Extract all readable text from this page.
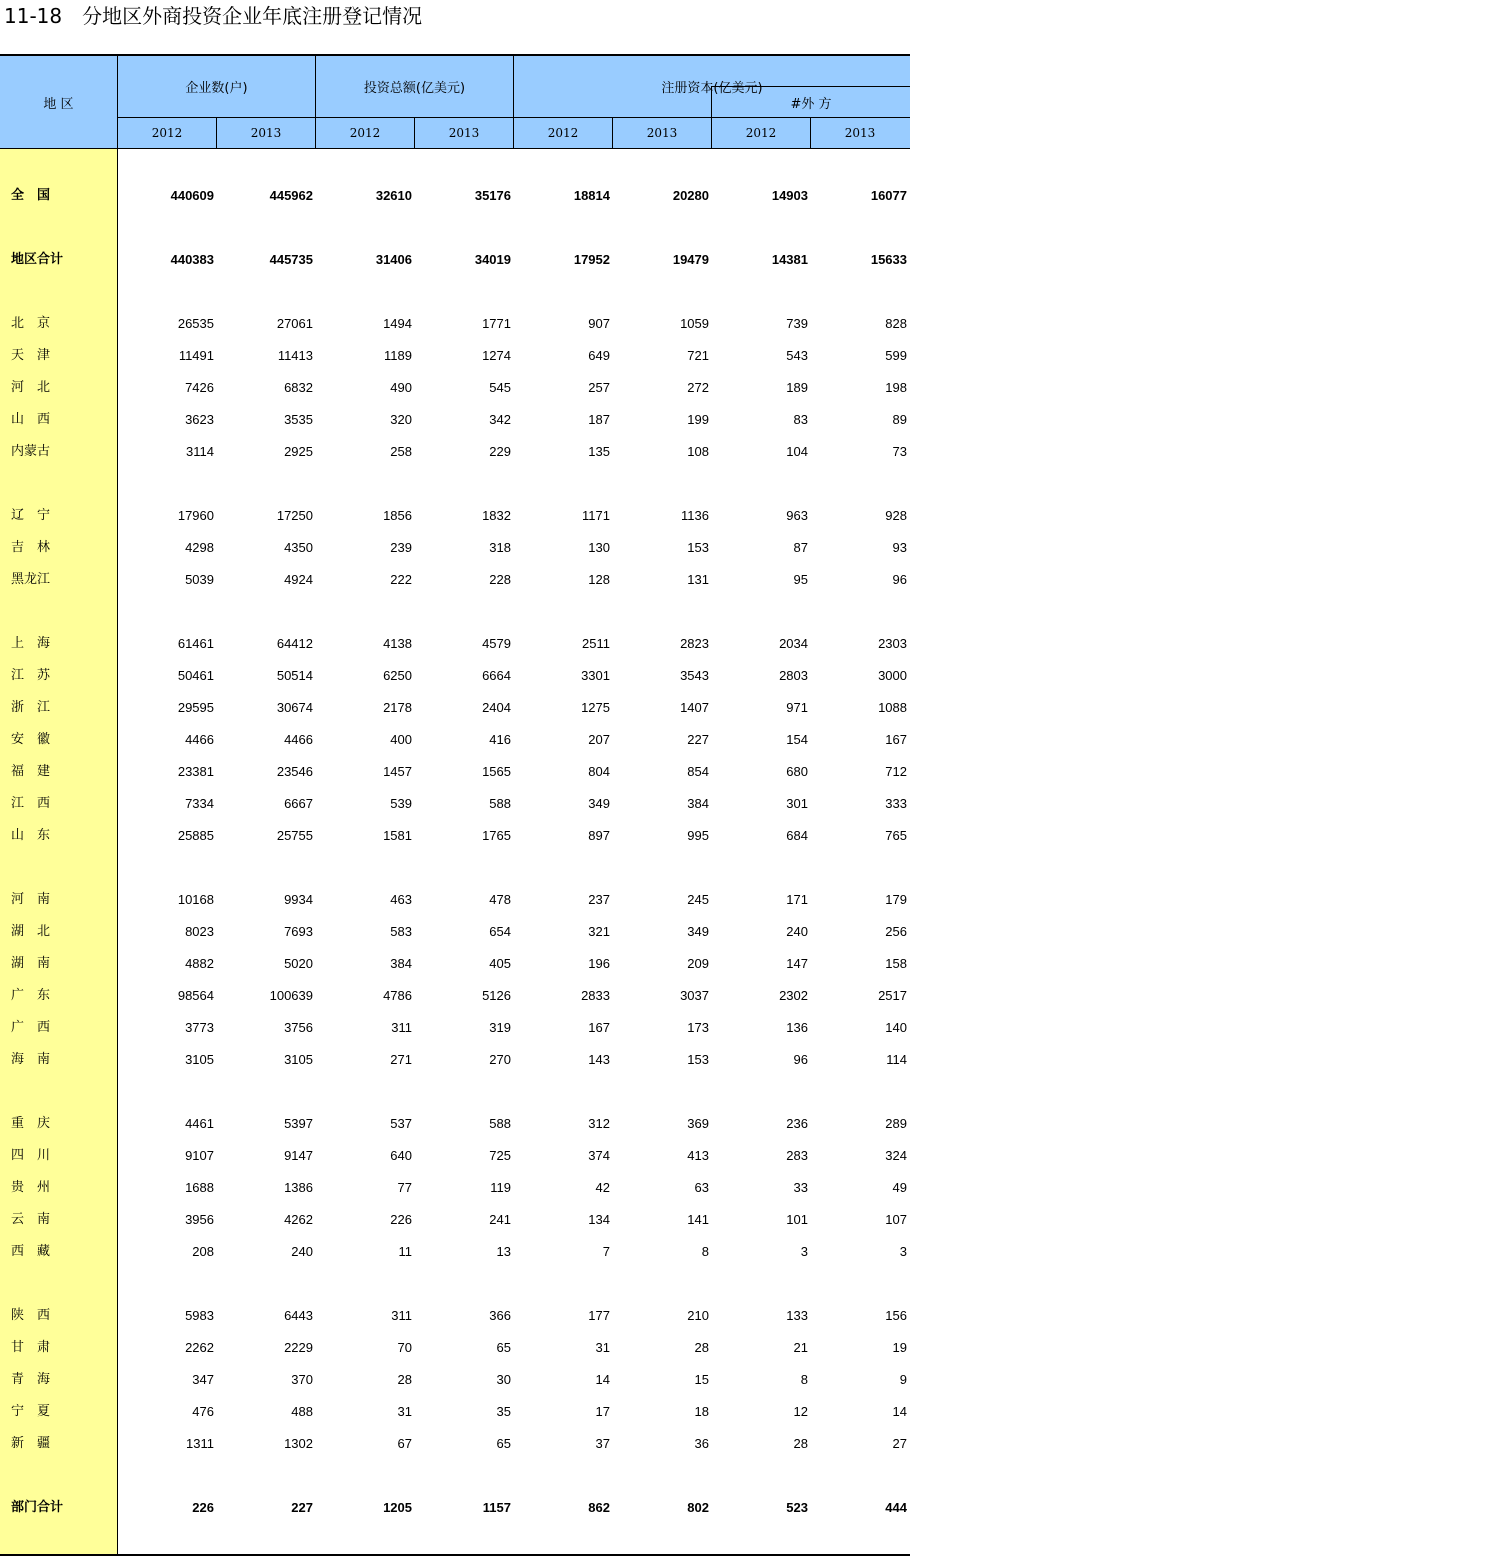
11-18　分地区外商投资企业年底注册登记情况
地 区
企业数(户)	投资总额(亿美元)	注册资本(亿美元)
#外 方
2012	2013	2012	2013	2012	2013	2012	2013
全　国	440609	445962	32610	35176	18814	20280	14903	16077
地区合计	440383	445735	31406	34019	17952	19479	14381	15633
北　京	26535	27061	1494	1771	907	1059	739	828
天　津	11491	11413	1189	1274	649	721	543	599
河　北	7426	6832	490	545	257	272	189	198
山　西	3623	3535	320	342	187	199	83	89
内蒙古	3114	2925	258	229	135	108	104	73
辽　宁	17960	17250	1856	1832	1171	1136	963	928
吉　林	4298	4350	239	318	130	153	87	93
黑龙江	5039	4924	222	228	128	131	95	96
上　海	61461	64412	4138	4579	2511	2823	2034	2303
江　苏	50461	50514	6250	6664	3301	3543	2803	3000
浙　江	29595	30674	2178	2404	1275	1407	971	1088
安　徽	4466	4466	400	416	207	227	154	167
福　建	23381	23546	1457	1565	804	854	680	712
江　西	7334	6667	539	588	349	384	301	333
山　东	25885	25755	1581	1765	897	995	684	765
河　南	10168	9934	463	478	237	245	171	179
湖　北	8023	7693	583	654	321	349	240	256
湖　南	4882	5020	384	405	196	209	147	158
广　东	98564	100639	4786	5126	2833	3037	2302	2517
广　西	3773	3756	311	319	167	173	136	140
海　南	3105	3105	271	270	143	153	96	114
重　庆	4461	5397	537	588	312	369	236	289
四　川	9107	9147	640	725	374	413	283	324
贵　州	1688	1386	77	119	42	63	33	49
云　南	3956	4262	226	241	134	141	101	107
西　藏	208	240	11	13	7	8	3	3
陕　西	5983	6443	311	366	177	210	133	156
甘　肃	2262	2229	70	65	31	28	21	19
青　海	347	370	28	30	14	15	8	9
宁　夏	476	488	31	35	17	18	12	14
新　疆	1311	1302	67	65	37	36	28	27
部门合计	226	227	1205	1157	862	802	523	444
